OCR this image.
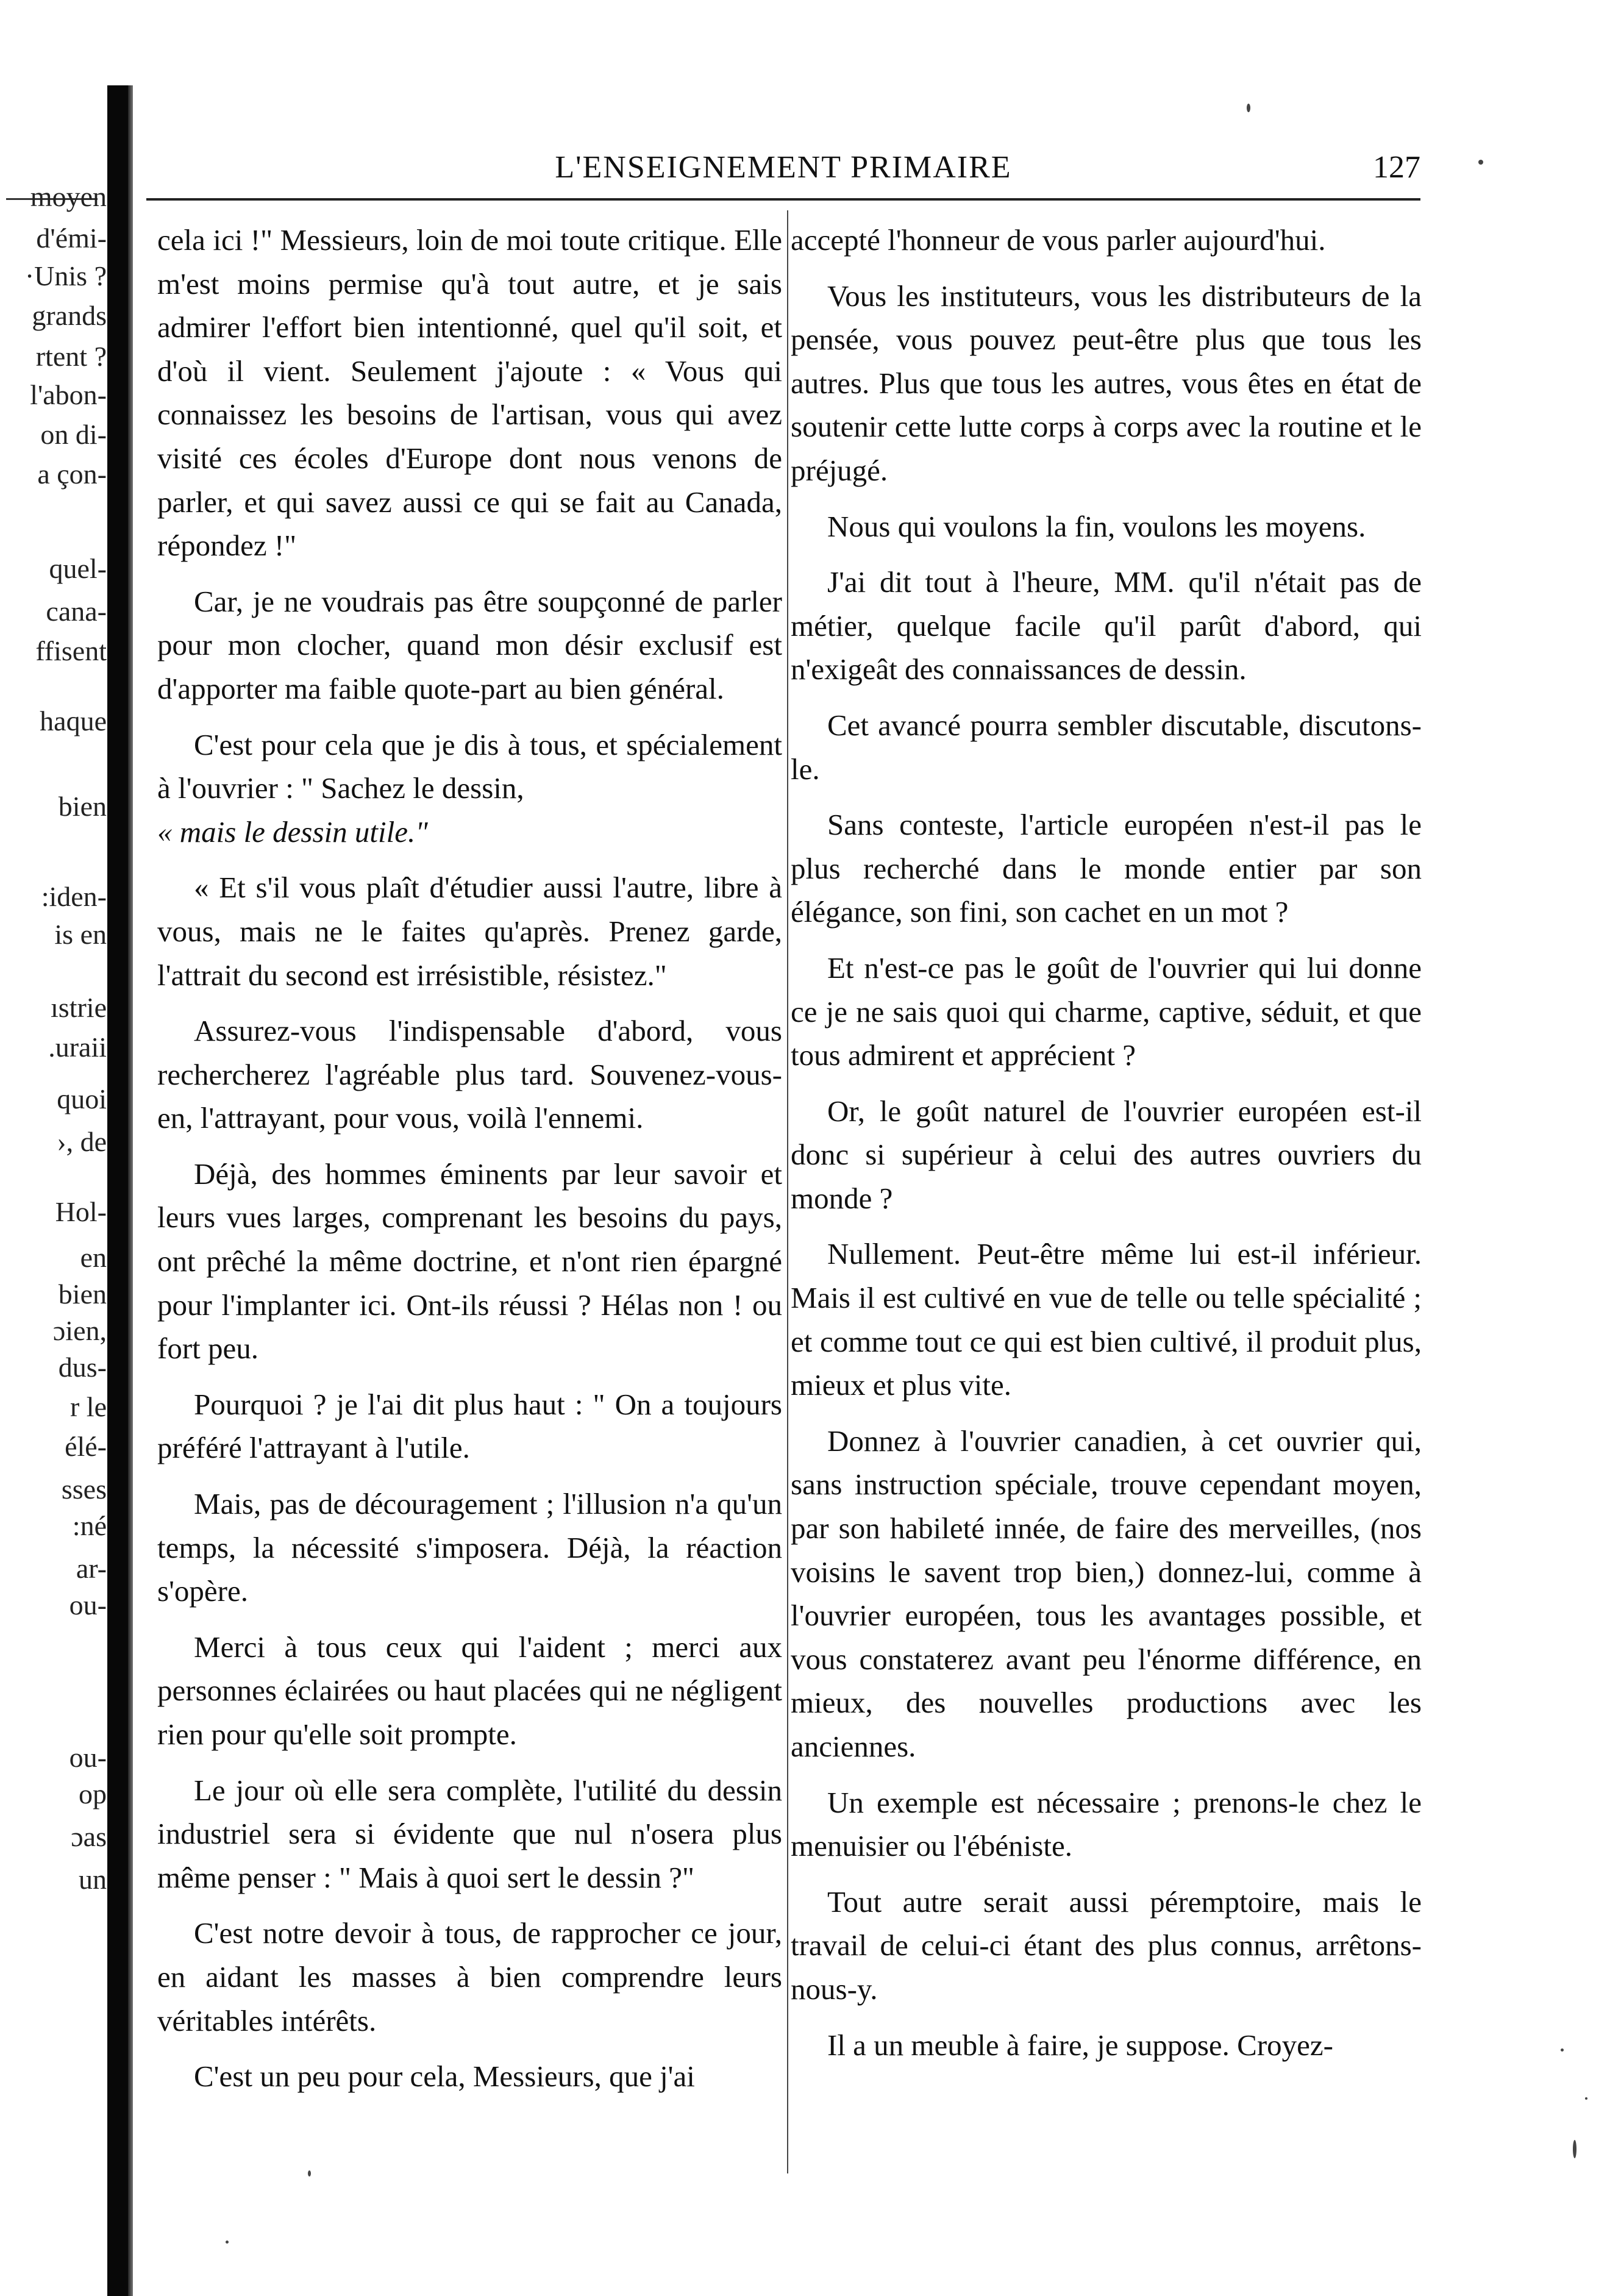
moyen
d'émi-
·Unis ?
grands
rtent ?
l'abon-
on di-
a çon-
quel-
cana-
ffisent
haque
bien
:iden-
is en
ıstrie
.uraii
quoi
›, de
Hol-
en
bien
ɔien,
dus-
r le
élé-
sses
:né
ar-
ou-
ou-
op
ɔas
un
L'ENSEIGNEMENT PRIMAIRE	127

cela ici !" Messieurs, loin de moi toute critique. Elle m'est moins permise qu'à tout autre, et je sais admirer l'effort bien intentionné, quel qu'il soit, et d'où il vient. Seulement j'ajoute : « Vous qui connaissez les besoins de l'artisan, vous qui avez visité ces écoles d'Europe dont nous venons de parler, et qui savez aussi ce qui se fait au Canada, répondez !"

Car, je ne voudrais pas être soupçonné de parler pour mon clocher, quand mon désir exclusif est d'apporter ma faible quote-part au bien général.

C'est pour cela que je dis à tous, et spécialement à l'ouvrier : " Sachez le dessin,
« mais le dessin utile."

« Et s'il vous plaît d'étudier aussi l'autre, libre à vous, mais ne le faites qu'après. Prenez garde, l'attrait du second est irrésistible, résistez."

Assurez-vous l'indispensable d'abord, vous rechercherez l'agréable plus tard. Souvenez-vous-en, l'attrayant, pour vous, voilà l'ennemi.

Déjà, des hommes éminents par leur savoir et leurs vues larges, comprenant les besoins du pays, ont prêché la même doctrine, et n'ont rien épargné pour l'implanter ici. Ont-ils réussi ? Hélas non ! ou fort peu.

Pourquoi ? je l'ai dit plus haut : " On a toujours préféré l'attrayant à l'utile.

Mais, pas de découragement ; l'illusion n'a qu'un temps, la nécessité s'imposera. Déjà, la réaction s'opère.

Merci à tous ceux qui l'aident ; merci aux personnes éclairées ou haut placées qui ne négligent rien pour qu'elle soit prompte.

Le jour où elle sera complète, l'utilité du dessin industriel sera si évidente que nul n'osera plus même penser : " Mais à quoi sert le dessin ?"

C'est notre devoir à tous, de rapprocher ce jour, en aidant les masses à bien comprendre leurs véritables intérêts.

C'est un peu pour cela, Messieurs, que j'ai

accepté l'honneur de vous parler aujourd'hui.

Vous les instituteurs, vous les distributeurs de la pensée, vous pouvez peut-être plus que tous les autres. Plus que tous les autres, vous êtes en état de soutenir cette lutte corps à corps avec la routine et le préjugé.

Nous qui voulons la fin, voulons les moyens.

J'ai dit tout à l'heure, MM. qu'il n'était pas de métier, quelque facile qu'il parût d'abord, qui n'exigeât des connaissances de dessin.

Cet avancé pourra sembler discutable, discutons-le.

Sans conteste, l'article européen n'est-il pas le plus recherché dans le monde entier par son élégance, son fini, son cachet en un mot ?

Et n'est-ce pas le goût de l'ouvrier qui lui donne ce je ne sais quoi qui charme, captive, séduit, et que tous admirent et apprécient ?

Or, le goût naturel de l'ouvrier européen est-il donc si supérieur à celui des autres ouvriers du monde ?

Nullement. Peut-être même lui est-il inférieur. Mais il est cultivé en vue de telle ou telle spécialité ; et comme tout ce qui est bien cultivé, il produit plus, mieux et plus vite.

Donnez à l'ouvrier canadien, à cet ouvrier qui, sans instruction spéciale, trouve cependant moyen, par son habileté innée, de faire des merveilles, (nos voisins le savent trop bien,) donnez-lui, comme à l'ouvrier européen, tous les avantages possible, et vous constaterez avant peu l'énorme différence, en mieux, des nouvelles productions avec les anciennes.

Un exemple est nécessaire ; prenons-le chez le menuisier ou l'ébéniste.

Tout autre serait aussi péremptoire, mais le travail de celui-ci étant des plus connus, arrêtons-nous-y.

Il a un meuble à faire, je suppose. Croyez-
